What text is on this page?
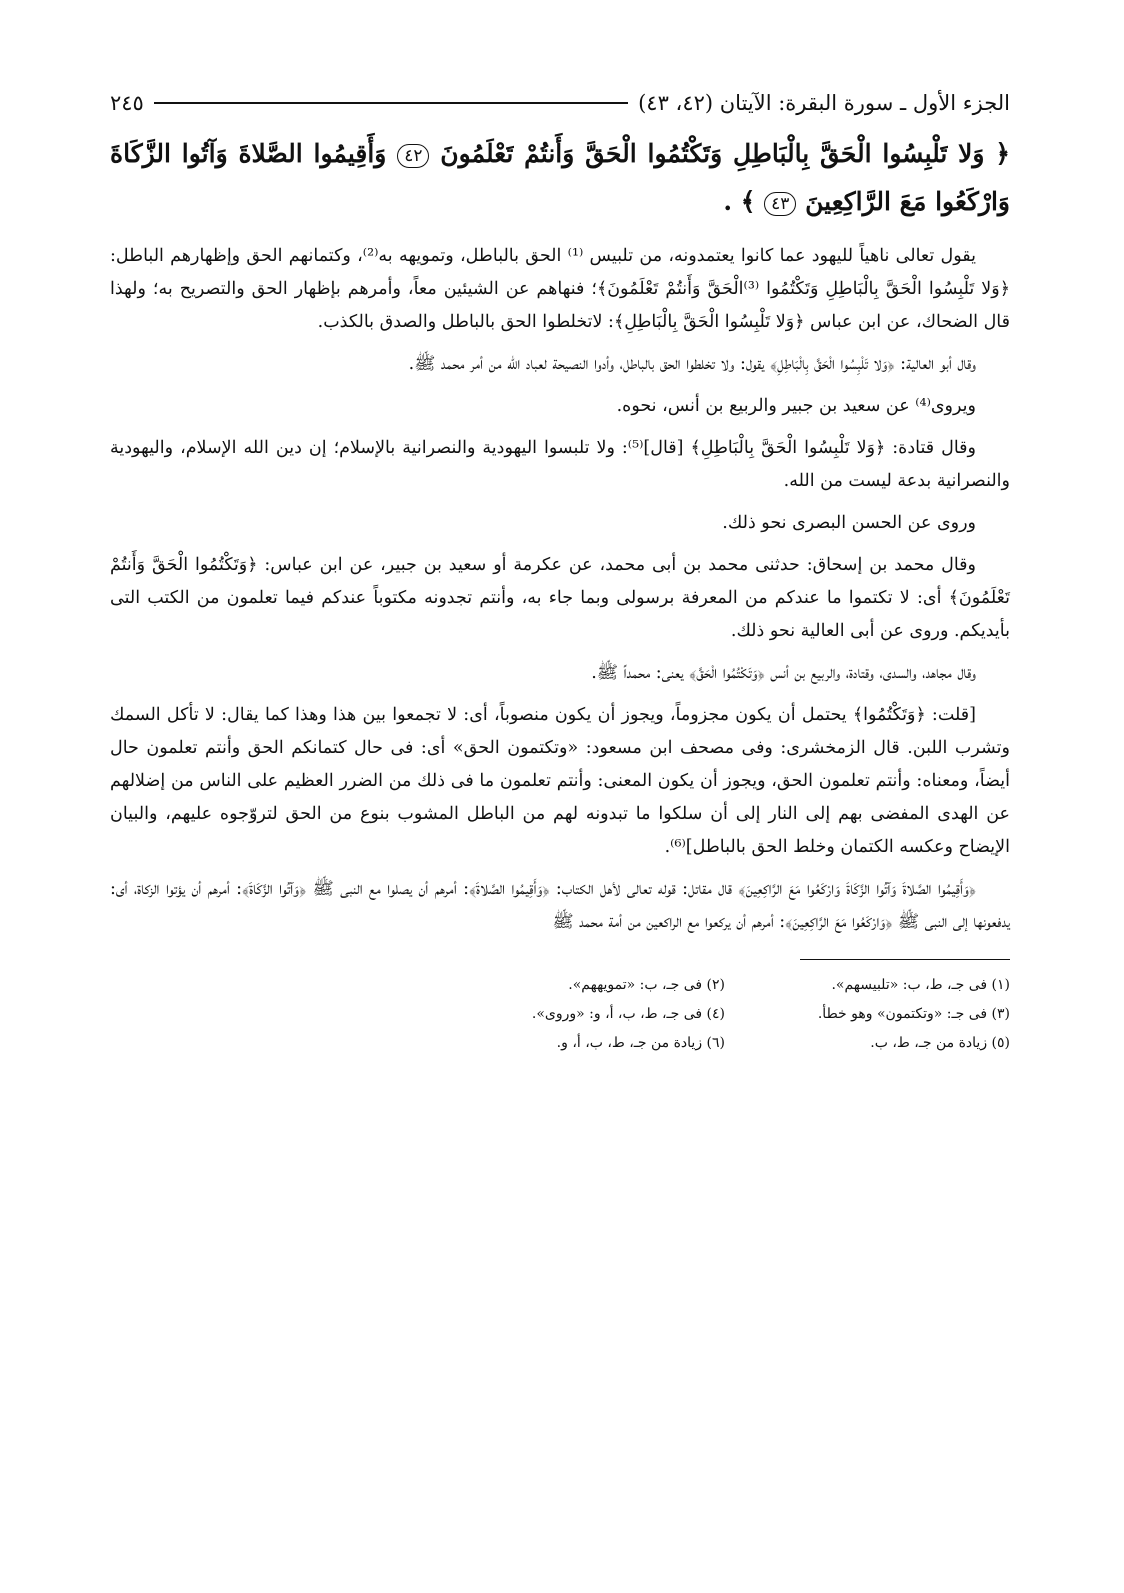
الجزء الأول ـ سورة البقرة: الآيتان (٤٢، ٤٣)
٢٤٥
﴿ وَلا تَلْبِسُوا الْحَقَّ بِالْبَاطِلِ وَتَكْتُمُوا الْحَقَّ وَأَنتُمْ تَعْلَمُونَ ٤٢ وَأَقِيمُوا الصَّلاةَ وَآتُوا الزَّكَاةَ وَارْكَعُوا مَعَ الرَّاكِعِينَ ٤٣ ﴾ .

يقول تعالى ناهياً لليهود عما كانوا يعتمدونه، من تلبيس ⁽¹⁾ الحق بالباطل، وتمويهه به⁽²⁾، وكتمانهم الحق وإظهارهم الباطل: ﴿وَلا تَلْبِسُوا الْحَقَّ بِالْبَاطِلِ وَتَكْتُمُوا ⁽³⁾الْحَقَّ وَأَنتُمْ تَعْلَمُونَ﴾؛ فنهاهم عن الشيئين معاً، وأمرهم بإظهار الحق والتصريح به؛ ولهذا قال الضحاك، عن ابن عباس ﴿وَلا تَلْبِسُوا الْحَقَّ بِالْبَاطِلِ﴾: لاتخلطوا الحق بالباطل والصدق بالكذب.

وقال أبو العالية: ﴿وَلا تَلْبِسُوا الْحَقَّ بِالْبَاطِلِ﴾ يقول: ولا تخلطوا الحق بالباطل، وأدوا النصيحة لعباد الله من أمر محمد ﷺ.

ويروى⁽⁴⁾ عن سعيد بن جبير والربيع بن أنس، نحوه.

وقال قتادة: ﴿وَلا تَلْبِسُوا الْحَقَّ بِالْبَاطِلِ﴾ [قال]⁽⁵⁾: ولا تلبسوا اليهودية والنصرانية بالإسلام؛ إن دين الله الإسلام، واليهودية والنصرانية بدعة ليست من الله.

وروى عن الحسن البصرى نحو ذلك.

وقال محمد بن إسحاق: حدثنى محمد بن أبى محمد، عن عكرمة أو سعيد بن جبير، عن ابن عباس: ﴿وَتَكْتُمُوا الْحَقَّ وَأَنتُمْ تَعْلَمُونَ﴾ أى: لا تكتموا ما عندكم من المعرفة برسولى وبما جاء به، وأنتم تجدونه مكتوباً عندكم فيما تعلمون من الكتب التى بأيديكم. وروى عن أبى العالية نحو ذلك.

وقال مجاهد، والسدى، وقتادة، والربيع بن أنس ﴿وَتَكْتُمُوا الْحَقَّ﴾ يعنى: محمداً ﷺ.

[قلت: ﴿وَتَكْتُمُوا﴾ يحتمل أن يكون مجزوماً، ويجوز أن يكون منصوباً، أى: لا تجمعوا بين هذا وهذا كما يقال: لا تأكل السمك وتشرب اللبن. قال الزمخشرى: وفى مصحف ابن مسعود: «وتكتمون الحق» أى: فى حال كتمانكم الحق وأنتم تعلمون حال أيضاً، ومعناه: وأنتم تعلمون الحق، ويجوز أن يكون المعنى: وأنتم تعلمون ما فى ذلك من الضرر العظيم على الناس من إضلالهم عن الهدى المفضى بهم إلى النار إلى أن سلكوا ما تبدونه لهم من الباطل المشوب بنوع من الحق لتروّجوه عليهم، والبيان الإيضاح وعكسه الكتمان وخلط الحق بالباطل]⁽⁶⁾.

﴿وَأَقِيمُوا الصَّلاةَ وَآتُوا الزَّكَاةَ وَارْكَعُوا مَعَ الرَّاكِعِينَ﴾ قال مقاتل: قوله تعالى لأهل الكتاب: ﴿وَأَقِيمُوا الصَّلاةَ﴾: أمرهم أن يصلوا مع النبى ﷺ ﴿وَآتُوا الزَّكَاةَ﴾: أمرهم أن يؤتوا الزكاة، أى: يدفعونها إلى النبى ﷺ ﴿وَارْكَعُوا مَعَ الرَّاكِعِينَ﴾: أمرهم أن يركعوا مع الراكعين من أمة محمد ﷺ

(١) فى جـ، ط، ب: «تلبيسهم».
(٢) فى جـ، ب: «تمويههم».
(٣) فى جـ: «وتكتمون» وهو خطأ.
(٤) فى جـ، ط، ب، أ، و: «وروى».
(٥) زيادة من جـ، ط، ب.
(٦) زيادة من جـ، ط، ب، أ، و.
